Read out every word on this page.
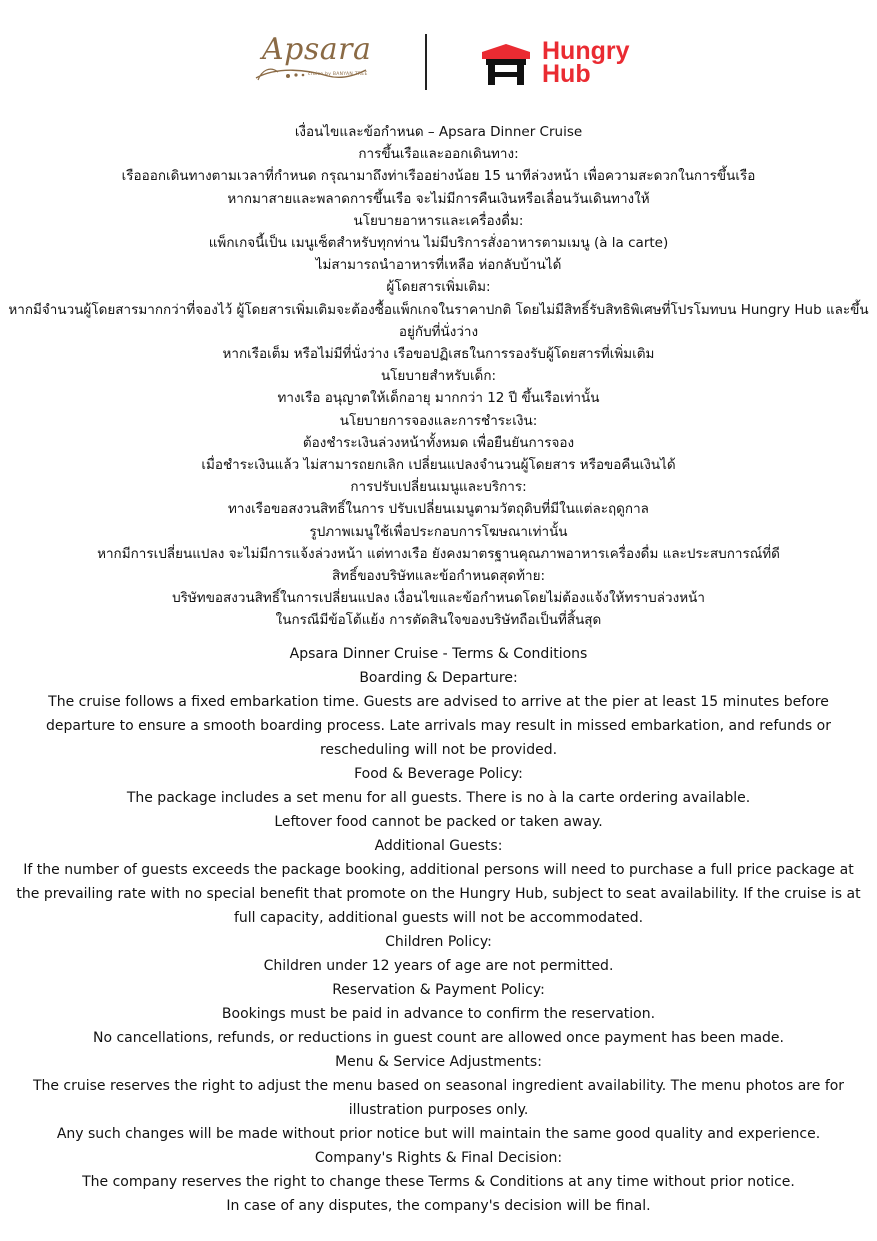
Apsara
cruise by BANYAN TREE
Hungry
Hub
เงื่อนไขและข้อกำหนด – Apsara Dinner Cruise
การขึ้นเรือและออกเดินทาง:
เรือออกเดินทางตามเวลาที่กำหนด กรุณามาถึงท่าเรืออย่างน้อย 15 นาทีล่วงหน้า เพื่อความสะดวกในการขึ้นเรือ
หากมาสายและพลาดการขึ้นเรือ จะไม่มีการคืนเงินหรือเลื่อนวันเดินทางให้
นโยบายอาหารและเครื่องดื่ม:
แพ็กเกจนี้เป็น เมนูเซ็ตสำหรับทุกท่าน ไม่มีบริการสั่งอาหารตามเมนู (à la carte)
ไม่สามารถนำอาหารที่เหลือ ห่อกลับบ้านได้
ผู้โดยสารเพิ่มเติม:
หากมีจำนวนผู้โดยสารมากกว่าที่จองไว้ ผู้โดยสารเพิ่มเติมจะต้องซื้อแพ็กเกจในราคาปกติ โดยไม่มีสิทธิ์รับสิทธิพิเศษที่โปรโมทบน Hungry Hub และขึ้นอยู่กับที่นั่งว่าง
หากเรือเต็ม หรือไม่มีที่นั่งว่าง เรือขอปฏิเสธในการรองรับผู้โดยสารที่เพิ่มเติม
นโยบายสำหรับเด็ก:
ทางเรือ อนุญาตให้เด็กอายุ มากกว่า 12 ปี ขึ้นเรือเท่านั้น
นโยบายการจองและการชำระเงิน:
ต้องชำระเงินล่วงหน้าทั้งหมด เพื่อยืนยันการจอง
เมื่อชำระเงินแล้ว ไม่สามารถยกเลิก เปลี่ยนแปลงจำนวนผู้โดยสาร หรือขอคืนเงินได้
การปรับเปลี่ยนเมนูและบริการ:
ทางเรือขอสงวนสิทธิ์ในการ ปรับเปลี่ยนเมนูตามวัตถุดิบที่มีในแต่ละฤดูกาล
รูปภาพเมนูใช้เพื่อประกอบการโฆษณาเท่านั้น
หากมีการเปลี่ยนแปลง จะไม่มีการแจ้งล่วงหน้า แต่ทางเรือ ยังคงมาตรฐานคุณภาพอาหารเครื่องดื่ม และประสบการณ์ที่ดี
สิทธิ์ของบริษัทและข้อกำหนดสุดท้าย:
บริษัทขอสงวนสิทธิ์ในการเปลี่ยนแปลง เงื่อนไขและข้อกำหนดโดยไม่ต้องแจ้งให้ทราบล่วงหน้า
ในกรณีมีข้อโต้แย้ง การตัดสินใจของบริษัทถือเป็นที่สิ้นสุด
Apsara Dinner Cruise - Terms & Conditions
Boarding & Departure:
The cruise follows a fixed embarkation time. Guests are advised to arrive at the pier at least 15 minutes before departure to ensure a smooth boarding process. Late arrivals may result in missed embarkation, and refunds or rescheduling will not be provided.
Food & Beverage Policy:
The package includes a set menu for all guests. There is no à la carte ordering available.
Leftover food cannot be packed or taken away.
Additional Guests:
If the number of guests exceeds the package booking, additional persons will need to purchase a full price package at the prevailing rate with no special benefit that promote on the Hungry Hub, subject to seat availability. If the cruise is at full capacity, additional guests will not be accommodated.
Children Policy:
Children under 12 years of age are not permitted.
Reservation & Payment Policy:
Bookings must be paid in advance to confirm the reservation.
No cancellations, refunds, or reductions in guest count are allowed once payment has been made.
Menu & Service Adjustments:
The cruise reserves the right to adjust the menu based on seasonal ingredient availability. The menu photos are for illustration purposes only.
Any such changes will be made without prior notice but will maintain the same good quality and experience.
Company's Rights & Final Decision:
The company reserves the right to change these Terms & Conditions at any time without prior notice.
In case of any disputes, the company's decision will be final.
